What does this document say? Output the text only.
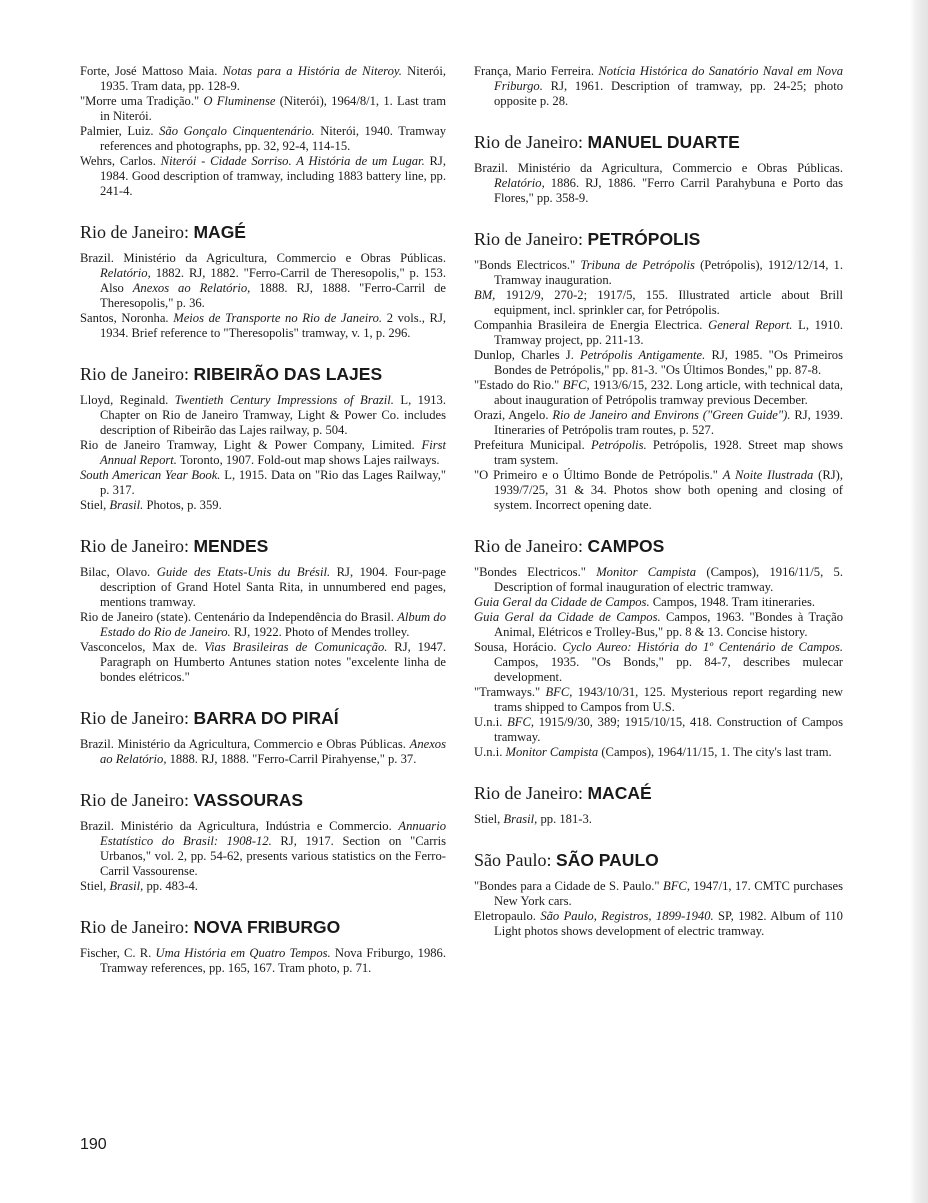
Forte, José Mattoso Maia. Notas para a História de Niteroy. Niterói, 1935. Tram data, pp. 128-9.

"Morre uma Tradição." O Fluminense (Niterói), 1964/8/1, 1. Last tram in Niterói.

Palmier, Luiz. São Gonçalo Cinquentenário. Niterói, 1940. Tramway references and photographs, pp. 32, 92-4, 114-15.

Wehrs, Carlos. Niterói - Cidade Sorriso. A História de um Lugar. RJ, 1984. Good description of tramway, including 1883 battery line, pp. 241-4.

Rio de Janeiro: MAGÉ

Brazil. Ministério da Agricultura, Commercio e Obras Públicas. Relatório, 1882. RJ, 1882. "Ferro-Carril de Theresopolis," p. 153. Also Anexos ao Relatório, 1888. RJ, 1888. "Ferro-Carril de Theresopolis," p. 36.

Santos, Noronha. Meios de Transporte no Rio de Janeiro. 2 vols., RJ, 1934. Brief reference to "Theresopolis" tramway, v. 1, p. 296.

Rio de Janeiro: RIBEIRÃO DAS LAJES

Lloyd, Reginald. Twentieth Century Impressions of Brazil. L, 1913. Chapter on Rio de Janeiro Tramway, Light & Power Co. includes description of Ribeirão das Lajes railway, p. 504.

Rio de Janeiro Tramway, Light & Power Company, Limited. First Annual Report. Toronto, 1907. Fold-out map shows Lajes railways.

South American Year Book. L, 1915. Data on "Rio das Lages Railway," p. 317.

Stiel, Brasil. Photos, p. 359.

Rio de Janeiro: MENDES

Bilac, Olavo. Guide des Etats-Unis du Brésil. RJ, 1904. Four-page description of Grand Hotel Santa Rita, in unnumbered end pages, mentions tramway.

Rio de Janeiro (state). Centenário da Independência do Brasil. Album do Estado do Rio de Janeiro. RJ, 1922. Photo of Mendes trolley.

Vasconcelos, Max de. Vias Brasileiras de Comunicação. RJ, 1947. Paragraph on Humberto Antunes station notes "excelente linha de bondes elétricos."

Rio de Janeiro: BARRA DO PIRAÍ

Brazil. Ministério da Agricultura, Commercio e Obras Públicas. Anexos ao Relatório, 1888. RJ, 1888. "Ferro-Carril Pirahyense," p. 37.

Rio de Janeiro: VASSOURAS

Brazil. Ministério da Agricultura, Indústria e Commercio. Annuario Estatístico do Brasil: 1908-12. RJ, 1917. Section on "Carris Urbanos," vol. 2, pp. 54-62, presents various statistics on the Ferro-Carril Vassourense.

Stiel, Brasil, pp. 483-4.

Rio de Janeiro: NOVA FRIBURGO

Fischer, C. R. Uma História em Quatro Tempos. Nova Friburgo, 1986. Tramway references, pp. 165, 167. Tram photo, p. 71.

França, Mario Ferreira. Notícia Histórica do Sanatório Naval em Nova Friburgo. RJ, 1961. Description of tramway, pp. 24-25; photo opposite p. 28.

Rio de Janeiro: MANUEL DUARTE

Brazil. Ministério da Agricultura, Commercio e Obras Públicas. Relatório, 1886. RJ, 1886. "Ferro Carril Parahybuna e Porto das Flores," pp. 358-9.

Rio de Janeiro: PETRÓPOLIS

"Bonds Electricos." Tribuna de Petrópolis (Petrópolis), 1912/12/14, 1. Tramway inauguration.

BM, 1912/9, 270-2; 1917/5, 155. Illustrated article about Brill equipment, incl. sprinkler car, for Petrópolis.

Companhia Brasileira de Energia Electrica. General Report. L, 1910. Tramway project, pp. 211-13.

Dunlop, Charles J. Petrópolis Antigamente. RJ, 1985. "Os Primeiros Bondes de Petrópolis," pp. 81-3. "Os Últimos Bondes," pp. 87-8.

"Estado do Rio." BFC, 1913/6/15, 232. Long article, with technical data, about inauguration of Petrópolis tramway previous December.

Orazi, Angelo. Rio de Janeiro and Environs ("Green Guide"). RJ, 1939. Itineraries of Petrópolis tram routes, p. 527.

Prefeitura Municipal. Petrópolis. Petrópolis, 1928. Street map shows tram system.

"O Primeiro e o Último Bonde de Petrópolis." A Noite Ilustrada (RJ), 1939/7/25, 31 & 34. Photos show both opening and closing of system. Incorrect opening date.

Rio de Janeiro: CAMPOS

"Bondes Electricos." Monitor Campista (Campos), 1916/11/5, 5. Description of formal inauguration of electric tramway.

Guia Geral da Cidade de Campos. Campos, 1948. Tram itineraries.

Guia Geral da Cidade de Campos. Campos, 1963. "Bondes à Tração Animal, Elétricos e Trolley-Bus," pp. 8 & 13. Concise history.

Sousa, Horácio. Cyclo Aureo: História do 1º Centenário de Campos. Campos, 1935. "Os Bonds," pp. 84-7, describes mulecar development.

"Tramways." BFC, 1943/10/31, 125. Mysterious report regarding new trams shipped to Campos from U.S.

U.n.i. BFC, 1915/9/30, 389; 1915/10/15, 418. Construction of Campos tramway.

U.n.i. Monitor Campista (Campos), 1964/11/15, 1. The city's last tram.

Rio de Janeiro: MACAÉ

Stiel, Brasil, pp. 181-3.

São Paulo: SÃO PAULO

"Bondes para a Cidade de S. Paulo." BFC, 1947/1, 17. CMTC purchases New York cars.

Eletropaulo. São Paulo, Registros, 1899-1940. SP, 1982. Album of 110 Light photos shows development of electric tramway.

190
